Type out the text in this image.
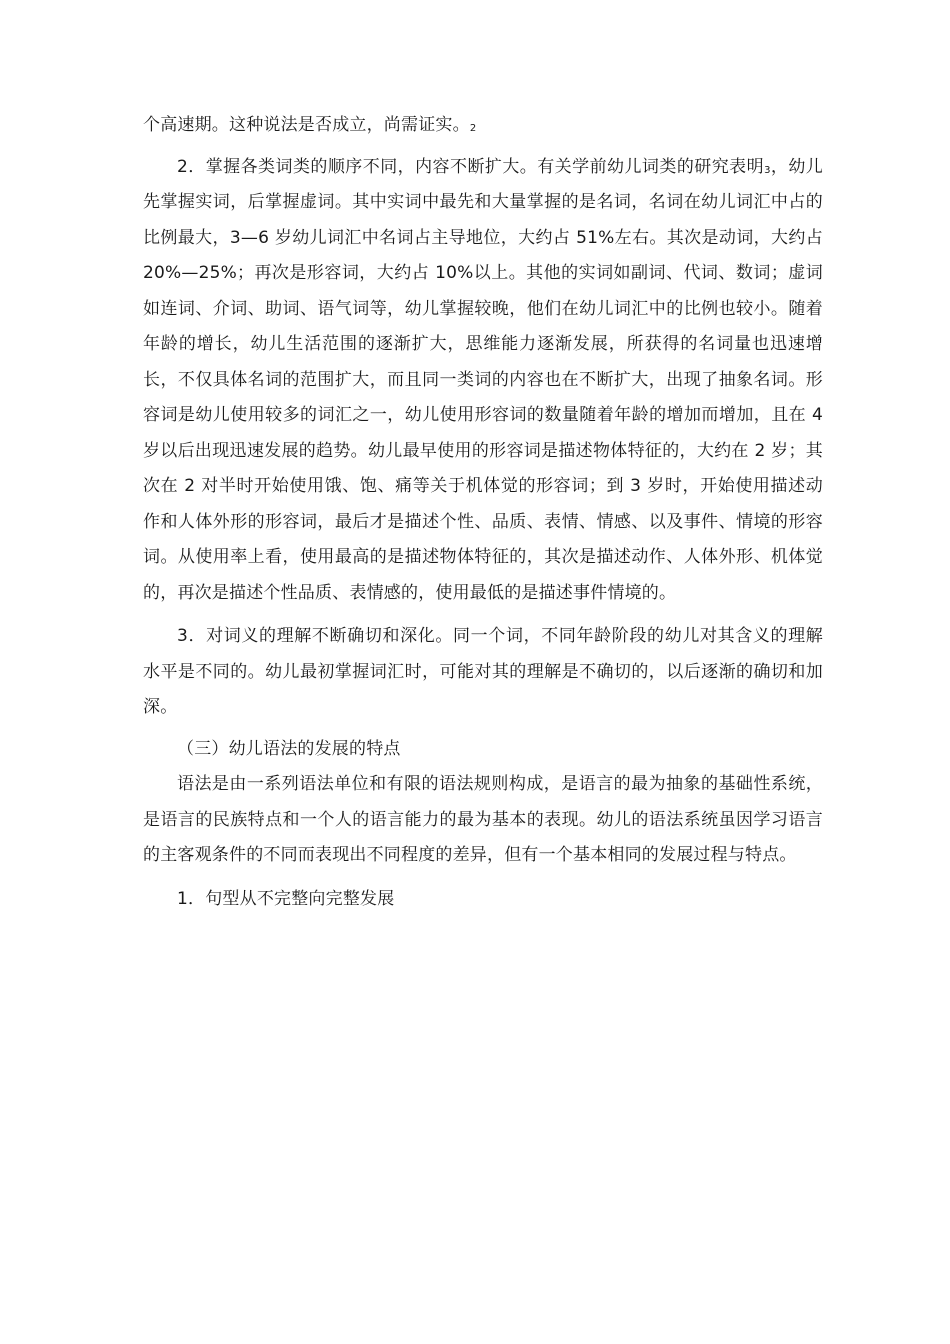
个高速期。这种说法是否成立，尚需证实。$_2$

2．掌握各类词类的顺序不同，内容不断扩大。有关学前幼儿词类的研究表明$_3$，幼儿先掌握实词，后掌握虚词。其中实词中最先和大量掌握的是名词，名词在幼儿词汇中占的比例最大，3—6 岁幼儿词汇中名词占主导地位，大约占 51%左右。其次是动词，大约占 20%—25%；再次是形容词，大约占 10%以上。其他的实词如副词、代词、数词；虚词如连词、介词、助词、语气词等，幼儿掌握较晚，他们在幼儿词汇中的比例也较小。随着年龄的增长，幼儿生活范围的逐渐扩大，思维能力逐渐发展，所获得的名词量也迅速增长，不仅具体名词的范围扩大，而且同一类词的内容也在不断扩大，出现了抽象名词。形容词是幼儿使用较多的词汇之一，幼儿使用形容词的数量随着年龄的增加而增加，且在 4 岁以后出现迅速发展的趋势。幼儿最早使用的形容词是描述物体特征的，大约在 2 岁；其次在 2 对半时开始使用饿、饱、痛等关于机体觉的形容词；到 3 岁时，开始使用描述动作和人体外形的形容词，最后才是描述个性、品质、表情、情感、以及事件、情境的形容词。从使用率上看，使用最高的是描述物体特征的，其次是描述动作、人体外形、机体觉的，再次是描述个性品质、表情感的，使用最低的是描述事件情境的。

3．对词义的理解不断确切和深化。同一个词，不同年龄阶段的幼儿对其含义的理解水平是不同的。幼儿最初掌握词汇时，可能对其的理解是不确切的，以后逐渐的确切和加深。

（三）幼儿语法的发展的特点

语法是由一系列语法单位和有限的语法规则构成，是语言的最为抽象的基础性系统，是语言的民族特点和一个人的语言能力的最为基本的表现。幼儿的语法系统虽因学习语言的主客观条件的不同而表现出不同程度的差异，但有一个基本相同的发展过程与特点。

1．句型从不完整向完整发展
